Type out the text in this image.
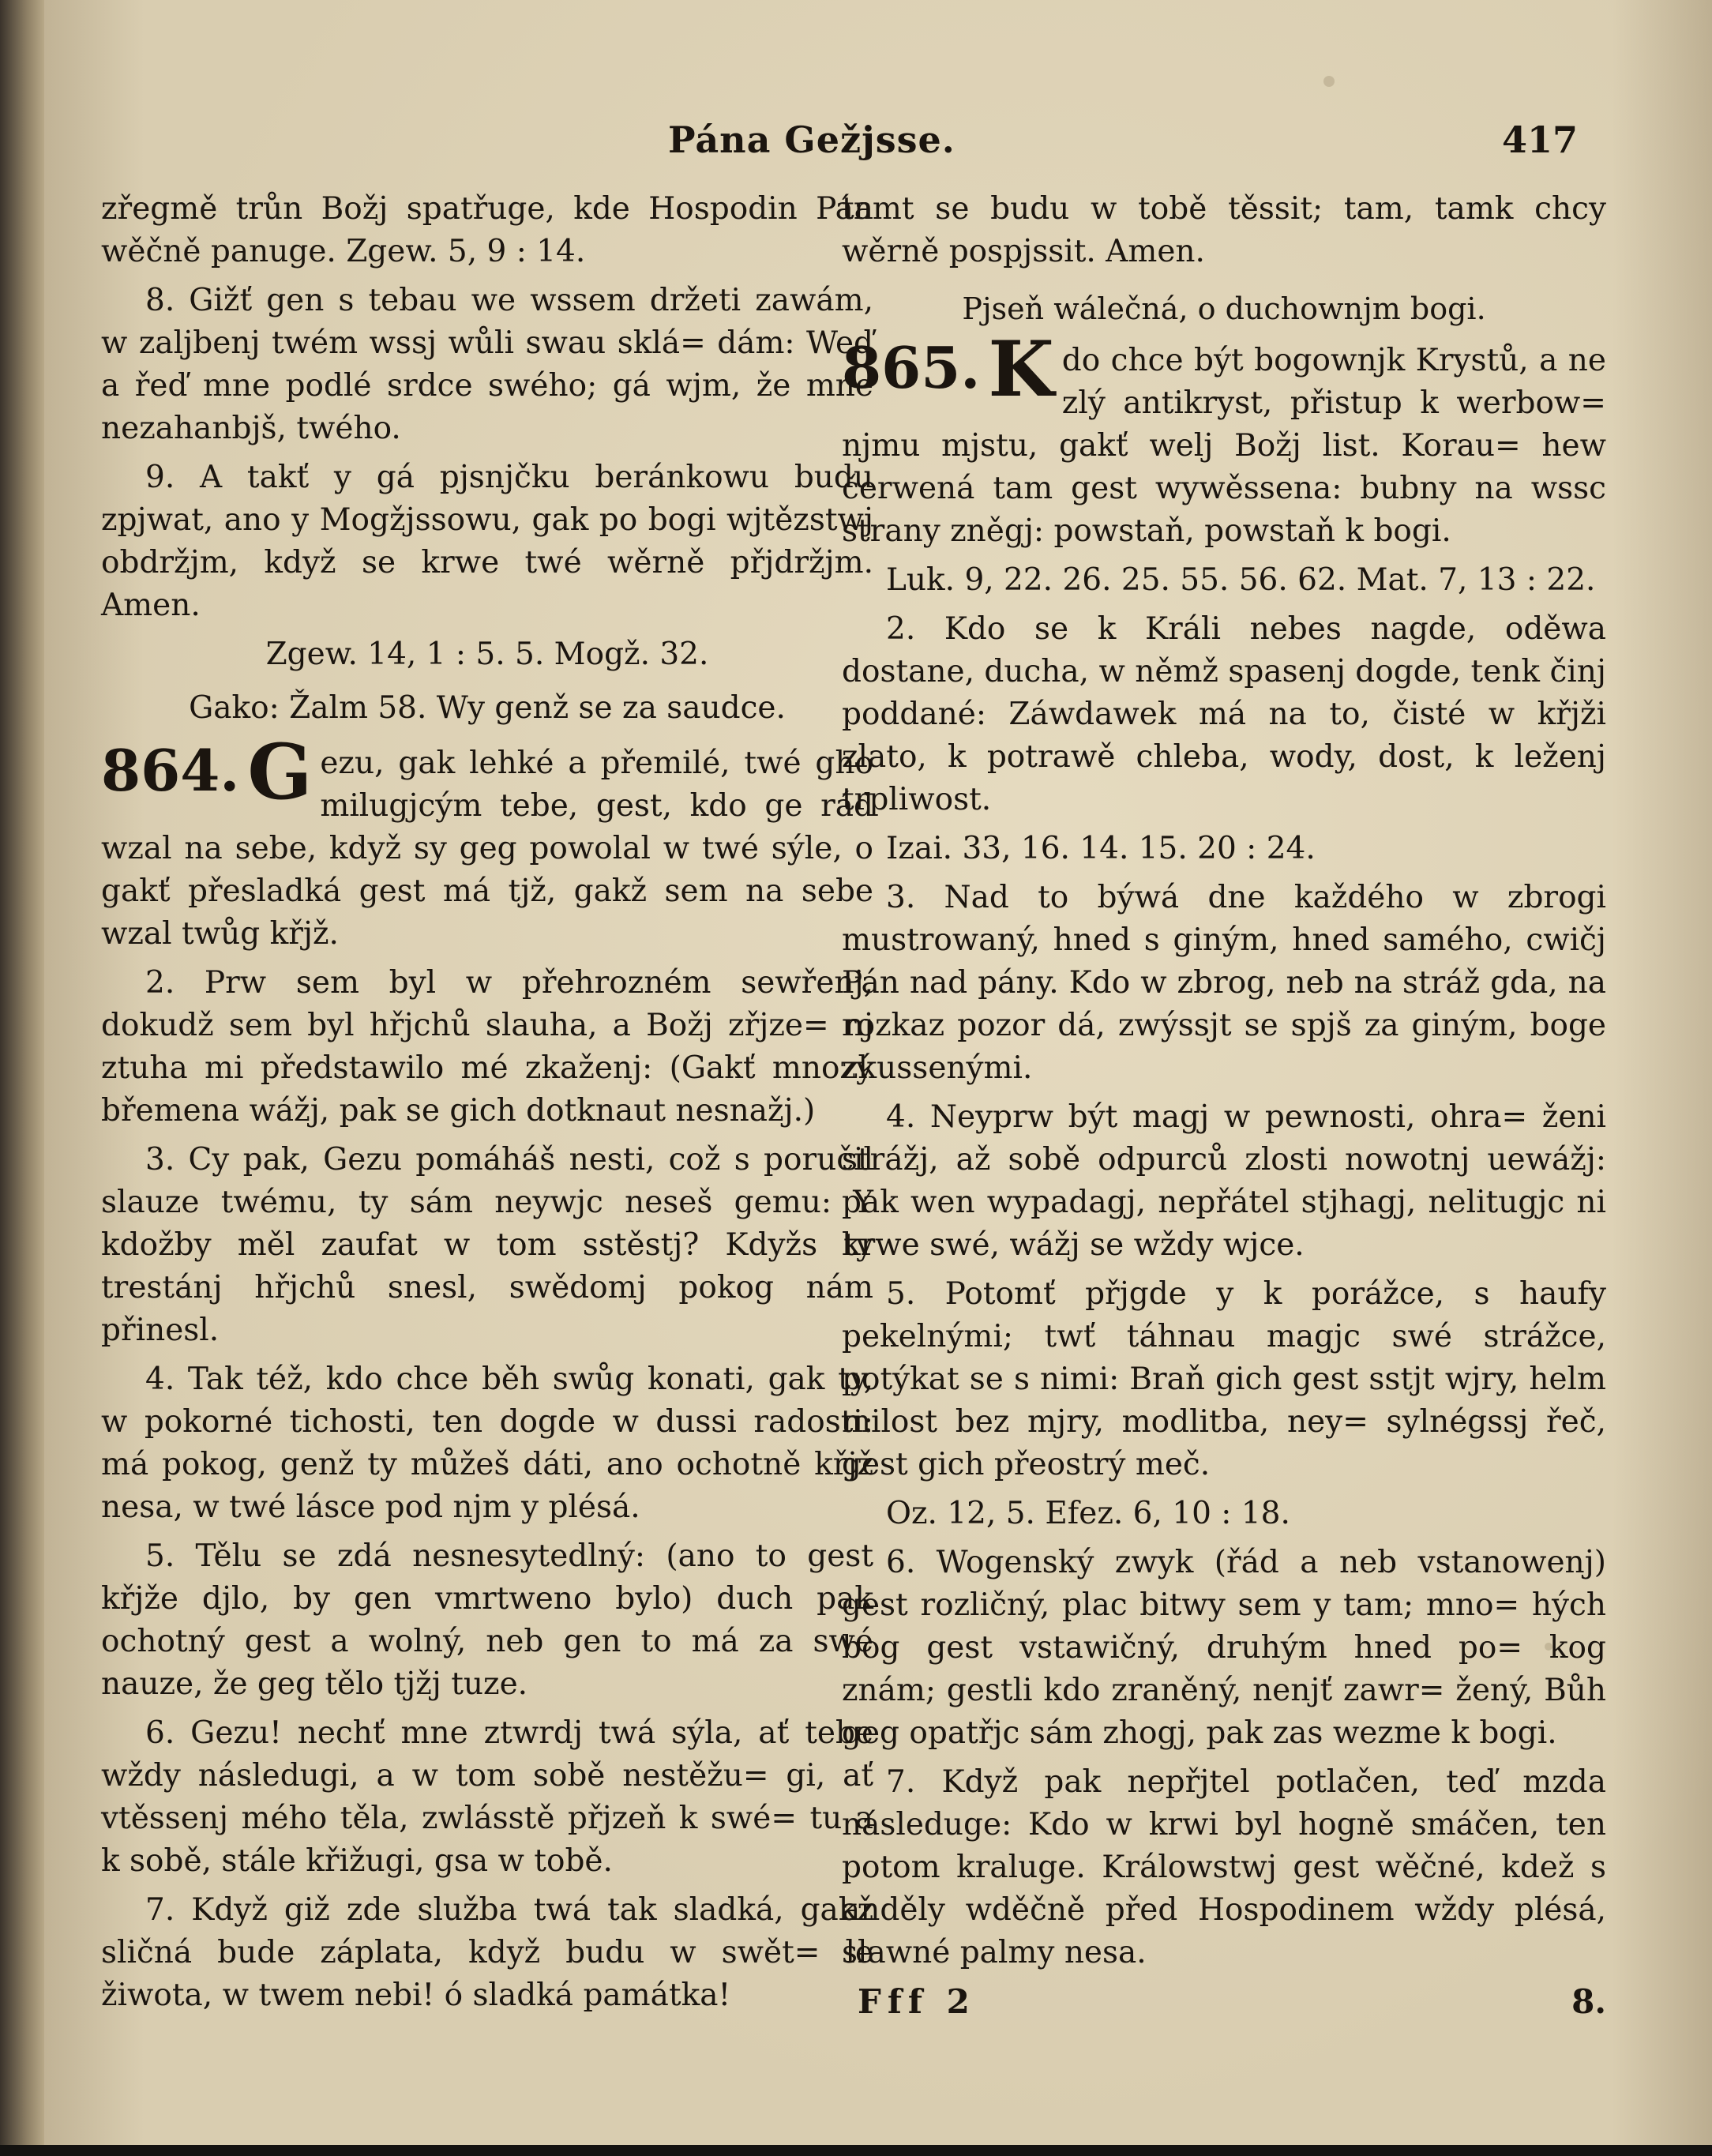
Pána Gežjsse.	417

zřegmě trůn Božj spatřuge, kde Hospodin Pán wěčně panuge. Zgew. 5, 9 : 14.

8. Gižť gen s tebau we wssem držeti zawám, w zaljbenj twém wssj wůli swau sklá= dám: Weď a řeď mne podlé srdce swého; gá wjm, že mne nezahanbjš, twého.

9. A takť y gá pjsnjčku beránkowu budu zpjwat, ano y Mogžjssowu, gak po bogi wjtězstwj obdržjm, když se krwe twé wěrně přjdržjm. Amen.

Zgew. 14, 1 : 5. 5. Mogž. 32.

Gako: Žalm 58. Wy genž se za saudce.

864. G ezu, gak lehké a přemilé, twé gho milugjcým tebe, gest, kdo ge rád wzal na sebe, když sy geg powolal w twé sýle, o gakť přesladká gest má tjž, gakž sem na sebe wzal twůg křjž.

2. Prw sem byl w přehrozném sewřenj, dokudž sem byl hřjchů slauha, a Božj zřjze= nj ztuha mi předstawilo mé zkaženj: (Gakť mnozý břemena wážj, pak se gich dotknaut nesnažj.)

3. Cy pak, Gezu pomáháš nesti, což s poručil slauze twému, ty sám neywjc neseš gemu: Y kdožby měl zaufat w tom sstěstj? Kdyžs ty trestánj hřjchů snesl, swědomj pokog nám přinesl.

4. Tak též, kdo chce běh swůg konati, gak ty, w pokorné tichosti, ten dogde w dussi radosti: má pokog, genž ty můžeš dáti, ano ochotně křjž nesa, w twé lásce pod njm y plésá.

5. Tělu se zdá nesnesytedlný: (ano to gest křjže djlo, by gen vmrtweno bylo) duch pak ochotný gest a wolný, neb gen to má za swé nauze, že geg tělo tjžj tuze.

6. Gezu! nechť mne ztwrdj twá sýla, ať tebe wždy následugi, a w tom sobě nestěžu= gi, ať vtěssenj mého těla, zwlásstě přjzeň k swé= tu a k sobě, stále křižugi, gsa w tobě.

7. Když giž zde služba twá tak sladká, gakž sličná bude záplata, když budu w swět= le žiwota, w twem nebi! ó sladká památka!

tamt se budu w tobě těssit; tam, tamk chcy wěrně pospjssit. Amen.

Pjseň wálečná, o duchownjm bogi.

865. K do chce být bogownjk Krystů, a ne zlý antikryst, přistup k werbow= njmu mjstu, gakť welj Božj list. Korau= hew čerwená tam gest wywěssena: bubny na wssc strany zněgj: powstaň, powstaň k bogi.

Luk. 9, 22. 26. 25. 55. 56. 62. Mat. 7, 13 : 22.

2. Kdo se k Králi nebes nagde, oděwa dostane, ducha, w němž spasenj dogde, tenk činj poddané: Záwdawek má na to, čisté w křjži zlato, k potrawě chleba, wody, dost, k leženj trpliwost.

Izai. 33, 16. 14. 15. 20 : 24.

3. Nad to býwá dne každého w zbrogi mustrowaný, hned s giným, hned samého, cwičj Pán nad pány. Kdo w zbrog, neb na stráž gda, na rozkaz pozor dá, zwýssjt se spjš za giným, boge zkussenými.

4. Neyprw být magj w pewnosti, ohra= ženi strážj, až sobě odpurců zlosti nowotnj uewážj: pak wen wypadagj, nepřátel stjhagj, nelitugjc ni krwe swé, wážj se wždy wjce.

5. Potomť přjgde y k porážce, s haufy pekelnými; twť táhnau magjc swé strážce, potýkat se s nimi: Braň gich gest sstjt wjry, helm milost bez mjry, modlitba, ney= sylnégssj řeč, gest gich přeostrý meč.

Oz. 12, 5. Efez. 6, 10 : 18.

6. Wogenský zwyk (řád a neb vstanowenj) gest rozličný, plac bitwy sem y tam; mno= hých bog gest vstawičný, druhým hned po= kog znám; gestli kdo zraněný, nenjť zawr= žený, Bůh geg opatřjc sám zhogj, pak zas wezme k bogi.

7. Když pak nepřjtel potlačen, teď mzda následuge: Kdo w krwi byl hogně smáčen, ten potom kraluge. Králowstwj gest wěčné, kdež s anděly wděčně před Hospodinem wždy plésá, slawné palmy nesa.

Fff 2	8.
